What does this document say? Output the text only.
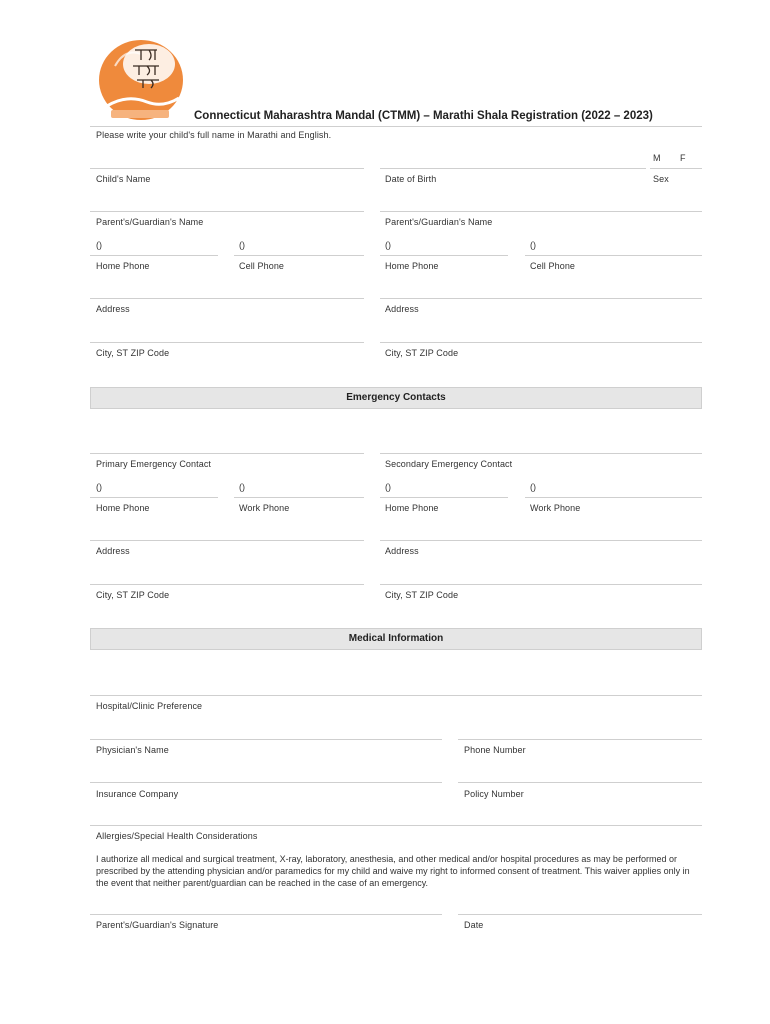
Connecticut Maharashtra Mandal (CTMM) – Marathi Shala Registration (2022 – 2023)
Please write your child's full name in Marathi and English.
M F
Child's Name	Date of Birth	Sex
Parent's/Guardian's Name	Parent's/Guardian's Name
()	()	()	()
Home Phone	Cell Phone	Home Phone	Cell Phone
Address	Address
City, ST ZIP Code	City, ST ZIP Code
Emergency Contacts
Primary Emergency Contact	Secondary Emergency Contact
()	()	()	()
Home Phone	Work Phone	Home Phone	Work Phone
Address	Address
City, ST ZIP Code	City, ST ZIP Code
Medical Information
Hospital/Clinic Preference
Physician's Name	Phone Number
Insurance Company	Policy Number
Allergies/Special Health Considerations
I authorize all medical and surgical treatment, X-ray, laboratory, anesthesia, and other medical and/or hospital procedures as may be performed or prescribed by the attending physician and/or paramedics for my child and waive my right to informed consent of treatment. This waiver applies only in the event that neither parent/guardian can be reached in the case of an emergency.
Parent's/Guardian's Signature	Date
